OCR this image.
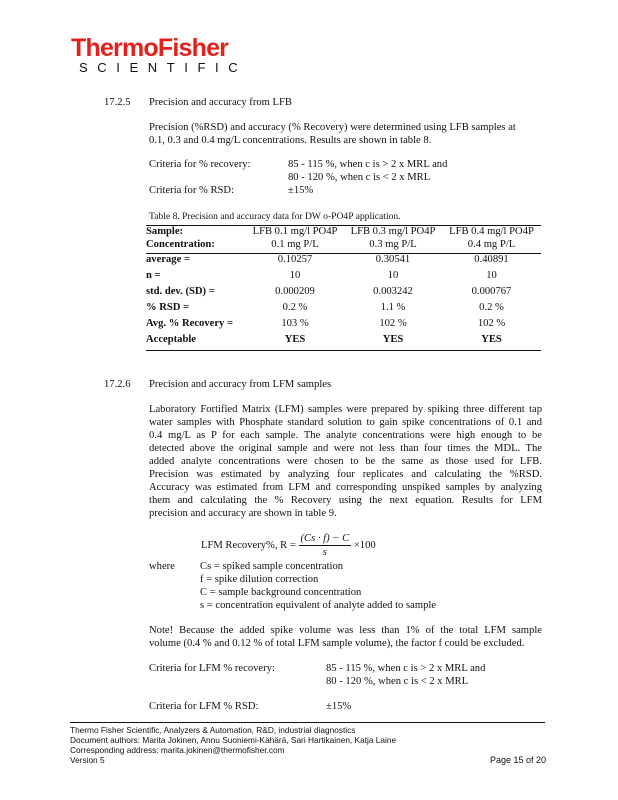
ThermoFisher
SCIENTIFIC
17.2.5 Precision and accuracy from LFB
Precision (%RSD) and accuracy (% Recovery) were determined using LFB samples at
0.1, 0.3 and 0.4 mg/L concentrations. Results are shown in table 8.
Criteria for % recovery:	85 - 115 %, when c is > 2 x MRL and
80 - 120 %, when c is < 2 x MRL
Criteria for % RSD:	±15%
Table 8. Precision and accuracy data for DW o-PO4P application.
Sample:	LFB 0.1 mg/l PO4P	LFB 0.3 mg/l PO4P	LFB 0.4 mg/l PO4P
Concentration:	0.1 mg P/L	0.3 mg P/L	0.4 mg P/L
average =	0.10257	0.30541	0.40891
n =	10	10	10
std. dev. (SD) =	0.000209	0.003242	0.000767
% RSD =	0.2 %	1.1 %	0.2 %
Avg. % Recovery =	103 %	102 %	102 %
Acceptable	YES	YES	YES
17.2.6 Precision and accuracy from LFM samples
Laboratory Fortified Matrix (LFM) samples were prepared by spiking three different tap
water samples with Phosphate standard solution to gain spike concentrations of 0.1 and
0.4 mg/L as P for each sample. The analyte concentrations were high enough to be
detected above the original sample and were not less than four times the MDL. The
added analyte concentrations were chosen to be the same as those used for LFB.
Precision was estimated by analyzing four replicates and calculating the %RSD.
Accuracy was estimated from LFM and corresponding unspiked samples by analyzing
them and calculating the % Recovery using the next equation. Results for LFM
precision and accuracy are shown in table 9.
LFM Recovery%, $R = \frac{(Cs \cdot f) - C}{s} \times 100$
where Cs = spiked sample concentration
f = spike dilution correction
C = sample background concentration
s = concentration equivalent of analyte added to sample
Note! Because the added spike volume was less than 1% of the total LFM sample
volume (0.4 % and 0.12 % of total LFM sample volume), the factor f could be excluded.
Criteria for LFM % recovery:	85 - 115 %, when c is > 2 x MRL and
80 - 120 %, when c is < 2 x MRL
Criteria for LFM % RSD:	±15%
Thermo Fisher Scientific, Analyzers & Automation, R&D, industrial diagnostics
Document authors: Marita Jokinen, Annu Suoniemi-Kähärä, Sari Hartikainen, Katja Laine
Corresponding address: marita.jokinen@thermofisher.com
Version 5	Page 15 of 20
